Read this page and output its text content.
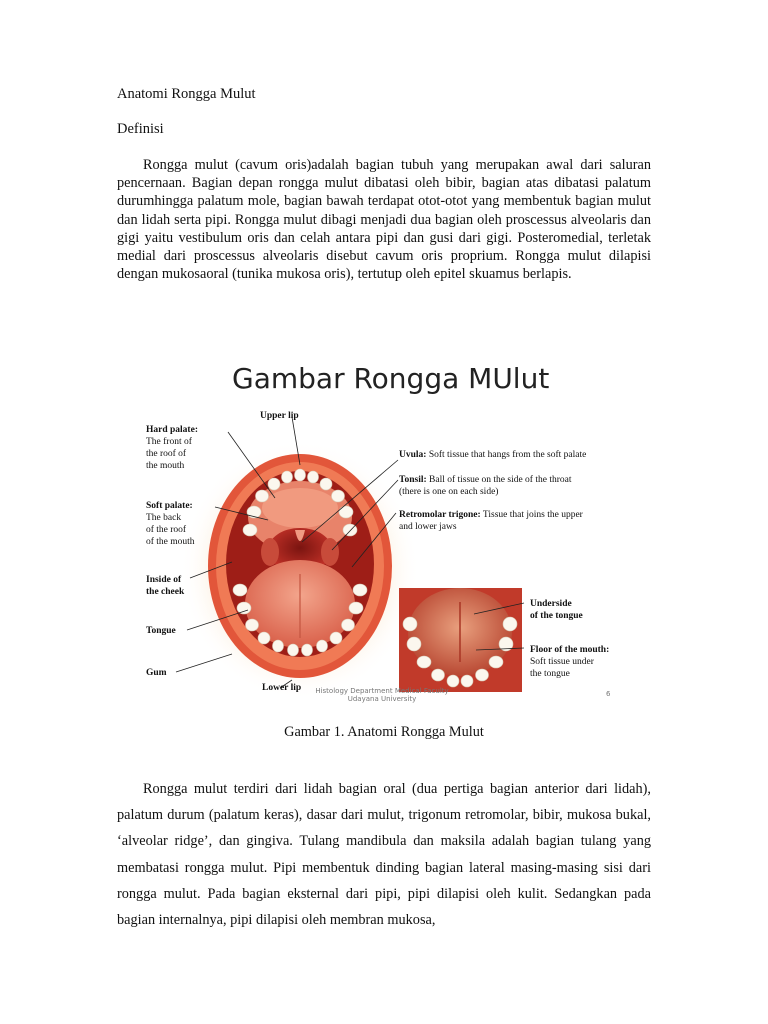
Anatomi Rongga Mulut
Definisi

Rongga mulut (cavum oris)adalah bagian tubuh yang merupakan awal dari saluran pencernaan. Bagian depan rongga mulut dibatasi oleh bibir, bagian atas dibatasi palatum durumhingga palatum mole, bagian bawah terdapat otot-otot yang membentuk bagian mulut dan lidah serta pipi. Rongga mulut dibagi menjadi dua bagian oleh proscessus alveolaris dan gigi yaitu vestibulum oris dan celah antara pipi dan gusi dari gigi. Posteromedial, terletak medial dari proscessus alveolaris disebut cavum oris proprium. Rongga mulut dilapisi dengan mukosaoral (tunika mukosa oris), tertutup oleh epitel skuamus berlapis.

Gambar Rongga MUlut
Upper lip
Hard palate:
The front of
the roof of
the mouth
Soft palate:
The back
of the roof
of the mouth
Inside of
the cheek
Tongue
Gum
Lower lip
Uvula: Soft tissue that hangs from the soft palate
Tonsil: Ball of tissue on the side of the throat
(there is one on each side)
Retromolar trigone: Tissue that joins the upper
and lower jaws
Underside
of the tongue
Floor of the mouth:
Soft tissue under
the tongue
Histology Department Medical Faculty
Udayana University
6
Gambar 1. Anatomi Rongga Mulut

Rongga mulut terdiri dari lidah bagian oral (dua pertiga bagian anterior dari lidah), palatum durum (palatum keras), dasar dari mulut, trigonum retromolar, bibir, mukosa bukal, ‘alveolar ridge’, dan gingiva. Tulang mandibula dan maksila adalah bagian tulang yang membatasi rongga mulut. Pipi membentuk dinding bagian lateral masing-masing sisi dari rongga mulut. Pada bagian eksternal dari pipi, pipi dilapisi oleh kulit. Sedangkan pada bagian internalnya, pipi dilapisi oleh membran mukosa,
